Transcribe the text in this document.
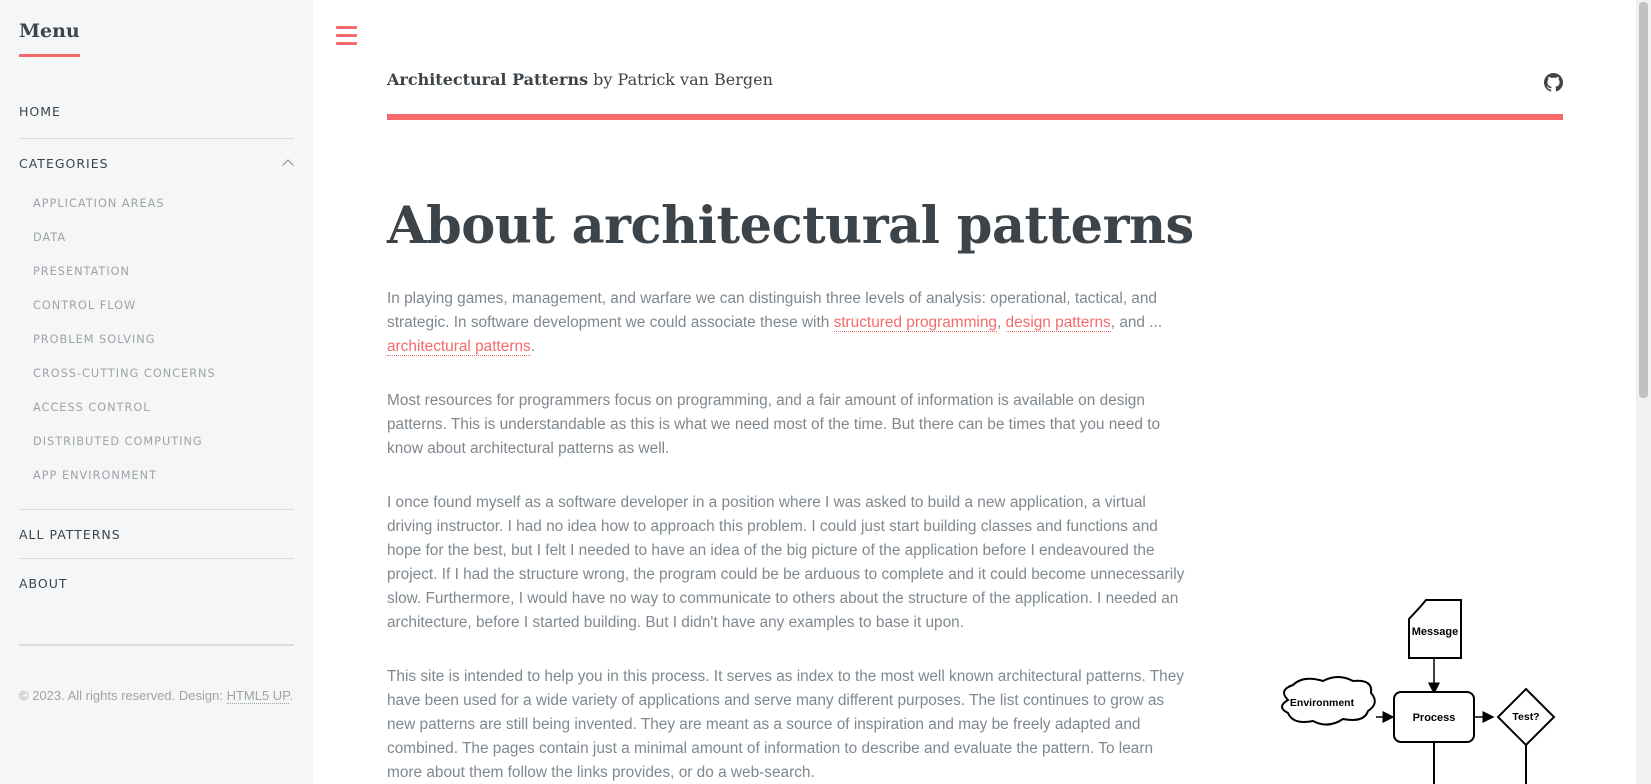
Menu
HOME
CATEGORIES
APPLICATION AREAS
DATA
PRESENTATION
CONTROL FLOW
PROBLEM SOLVING
CROSS-CUTTING CONCERNS
ACCESS CONTROL
DISTRIBUTED COMPUTING
APP ENVIRONMENT
ALL PATTERNS
ABOUT

© 2023. All rights reserved. Design: HTML5 UP.

Architectural Patterns by Patrick van Bergen
About architectural patterns

In playing games, management, and warfare we can distinguish three levels of analysis: operational, tactical, and strategic. In software development we could associate these with structured programming, design patterns, and ... architectural patterns.

Most resources for programmers focus on programming, and a fair amount of information is available on design patterns. This is understandable as this is what we need most of the time. But there can be times that you need to know about architectural patterns as well.

I once found myself as a software developer in a position where I was asked to build a new application, a virtual driving instructor. I had no idea how to approach this problem. I could just start building classes and functions and hope for the best, but I felt I needed to have an idea of the big picture of the application before I endeavoured the project. If I had the structure wrong, the program could be be arduous to complete and it could become unnecessarily slow. Furthermore, I would have no way to communicate to others about the structure of the application. I needed an architecture, before I started building. But I didn't have any examples to base it upon.

This site is intended to help you in this process. It serves as index to the most well known architectural patterns. They have been used for a wide variety of applications and serve many different purposes. The list continues to grow as new patterns are still being invented. They are meant as a source of inspiration and may be freely adapted and combined. The pages contain just a minimal amount of information to describe and evaluate the pattern. To learn more about them follow the links provides, or do a web-search.

Message
Environment
Process	Test?
